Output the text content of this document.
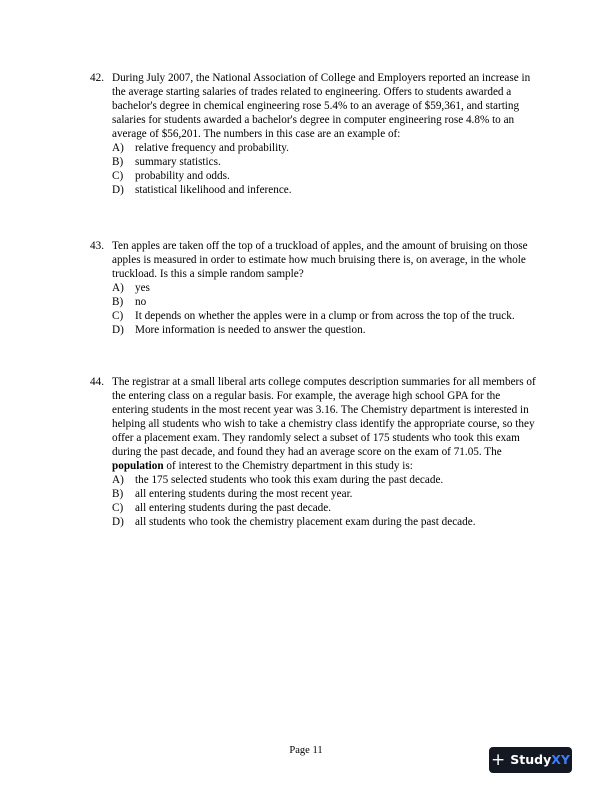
42. During July 2007, the National Association of College and Employers reported an increase in the average starting salaries of trades related to engineering. Offers to students awarded a bachelor's degree in chemical engineering rose 5.4% to an average of $59,361, and starting salaries for students awarded a bachelor's degree in computer engineering rose 4.8% to an average of $56,201. The numbers in this case are an example of:
A) relative frequency and probability.
B) summary statistics.
C) probability and odds.
D) statistical likelihood and inference.
43. Ten apples are taken off the top of a truckload of apples, and the amount of bruising on those apples is measured in order to estimate how much bruising there is, on average, in the whole truckload. Is this a simple random sample?
A) yes
B) no
C) It depends on whether the apples were in a clump or from across the top of the truck.
D) More information is needed to answer the question.
44. The registrar at a small liberal arts college computes description summaries for all members of the entering class on a regular basis. For example, the average high school GPA for the entering students in the most recent year was 3.16. The Chemistry department is interested in helping all students who wish to take a chemistry class identify the appropriate course, so they offer a placement exam. They randomly select a subset of 175 students who took this exam during the past decade, and found they had an average score on the exam of 71.05. The population of interest to the Chemistry department in this study is:
A) the 175 selected students who took this exam during the past decade.
B) all entering students during the most recent year.
C) all entering students during the past decade.
D) all students who took the chemistry placement exam during the past decade.
Page 11	+ StudyXY
